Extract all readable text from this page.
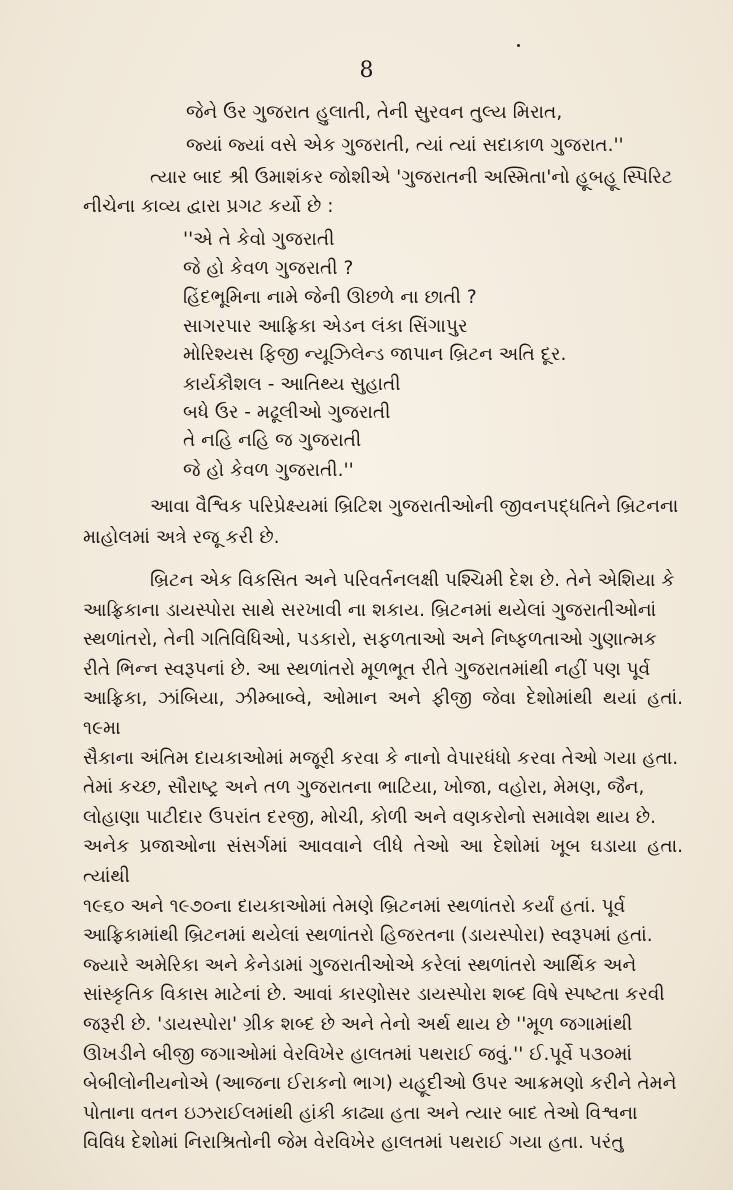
8
જેને ઉર ગુજરાત હુલાતી, તેની સુરવન તુલ્ય મિરાત,
જ્યાં જ્યાં વસે એક ગુજરાતી, ત્યાં ત્યાં સદાકાળ ગુજરાત.''
ત્યાર બાદ શ્રી ઉમાશંકર જોશીએ 'ગુજરાતની અસ્મિતા'નો હૂબહૂ સ્પિરિટ
નીચેના કાવ્ય દ્વારા પ્રગટ કર્યો છે :
''એ તે કેવો ગુજરાતી
જે હો કેવળ ગુજરાતી ?
હિંદભૂમિના નામે જેની ઊછળે ના છાતી ?
સાગરપાર આફ્રિકા એડન લંકા સિંગાપુર
મોરિશ્યસ ફિજી ન્યૂઝિલેન્ડ જાપાન બ્રિટન અતિ દૂર.
કાર્યકૌશલ - આતિથ્ય સુહાતી
બધે ઉર - મઢૂલીઓ ગુજરાતી
તે નહિ નહિ જ ગુજરાતી
જે હો કેવળ ગુજરાતી.''
આવા વૈશ્વિક પરિપ્રેક્ષ્યમાં બ્રિટિશ ગુજરાતીઓની જીવનપદ્ધતિને બ્રિટનના
માહોલમાં અત્રે રજૂ કરી છે.
બ્રિટન એક વિકસિત અને પરિવર્તનલક્ષી પશ્ચિમી દેશ છે. તેને એશિયા કે
આફ્રિકાના ડાયસ્પોરા સાથે સરખાવી ના શકાય. બ્રિટનમાં થયેલાં ગુજરાતીઓનાં
સ્થળાંતરો, તેની ગતિવિધિઓ, પડકારો, સફળતાઓ અને નિષ્ફળતાઓ ગુણાત્મક
રીતે ભિન્ન સ્વરૂપનાં છે. આ સ્થળાંતરો મૂળભૂત રીતે ગુજરાતમાંથી નહીં પણ પૂર્વ
આફ્રિકા, ઝાંબિયા, ઝીમ્બાબ્વે, ઓમાન અને ફીજી જેવા દેશોમાંથી થયાં હતાં. ૧૯મા
સૈકાના અંતિમ દાયકાઓમાં મજૂરી કરવા કે નાનો વેપારધંધો કરવા તેઓ ગયા હતા.
તેમાં કચ્છ, સૌરાષ્ટ્ર અને તળ ગુજરાતના ભાટિયા, ખોજા, વહોરા, મેમણ, જૈન,
લોહાણા પાટીદાર ઉપરાંત દરજી, મોચી, કોળી અને વણકરોનો સમાવેશ થાય છે.
અનેક પ્રજાઓના સંસર્ગમાં આવવાને લીધે તેઓ આ દેશોમાં ખૂબ ઘડાયા હતા. ત્યાંથી
૧૯૬૦ અને ૧૯૭૦ના દાયકાઓમાં તેમણે બ્રિટનમાં સ્થળાંતરો કર્યાં હતાં. પૂર્વ
આફ્રિકામાંથી બ્રિટનમાં થયેલાં સ્થળાંતરો હિજરતના (ડાયસ્પોરા) સ્વરૂપમાં હતાં.
જ્યારે અમેરિકા અને કેનેડામાં ગુજરાતીઓએ કરેલાં સ્થળાંતરો આર્થિક અને
સાંસ્કૃતિક વિકાસ માટેનાં છે. આવાં કારણોસર ડાયસ્પોરા શબ્દ વિષે સ્પષ્ટતા કરવી
જરૂરી છે. 'ડાયસ્પોરા' ગ્રીક શબ્દ છે અને તેનો અર્થ થાય છે ''મૂળ જગામાંથી
ઊખડીને બીજી જગાઓમાં વેરવિખેર હાલતમાં પથરાઈ જવું.'' ઈ.પૂર્વે ૫૩૦માં
બેબીલોનીયનોએ (આજના ઈરાકનો ભાગ) યહૂદીઓ ઉપર આક્રમણો કરીને તેમને
પોતાના વતન ઇઝરાઈલમાંથી હાંકી કાઢ્યા હતા અને ત્યાર બાદ તેઓ વિશ્વના
વિવિધ દેશોમાં નિરાશ્રિતોની જેમ વેરવિખેર હાલતમાં પથરાઈ ગયા હતા. પરંતુ
